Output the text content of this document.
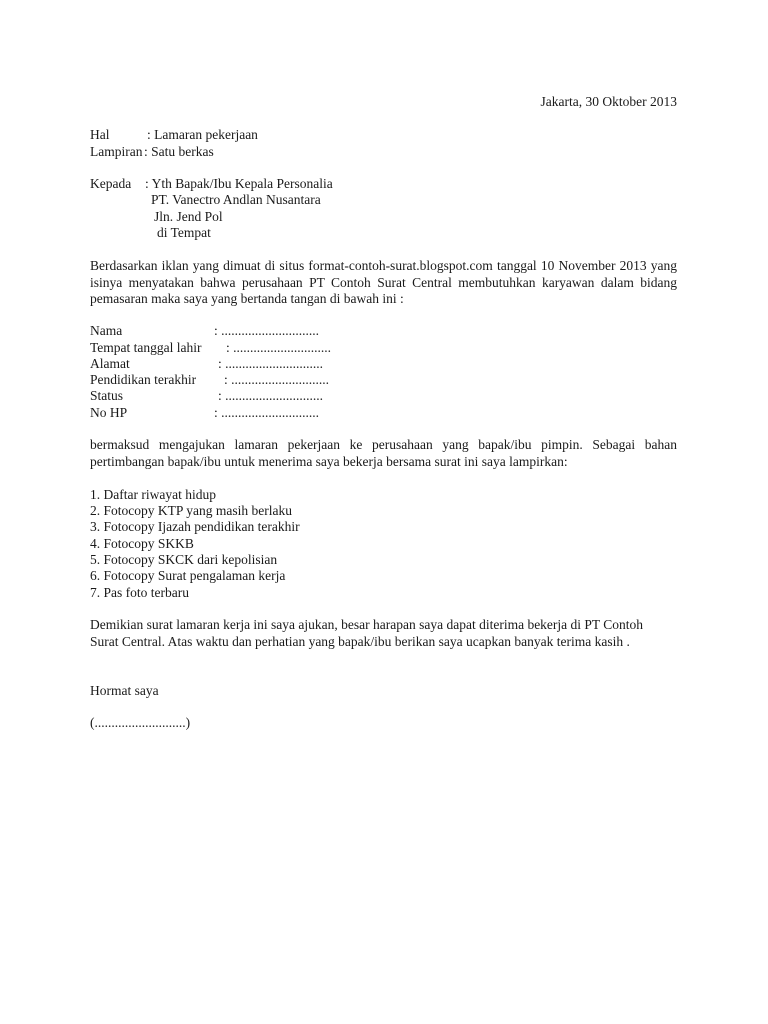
Jakarta, 30 Oktober 2013
Hal	: Lamaran pekerjaan
Lampiran : Satu berkas
Kepada : Yth Bapak/Ibu Kepala Personalia
PT. Vanectro Andlan Nusantara
Jln. Jend Pol
di Tempat
Berdasarkan iklan yang dimuat di situs format-contoh-surat.blogspot.com tanggal 10 November 2013 yang isinya menyatakan bahwa perusahaan PT Contoh Surat Central membutuhkan karyawan dalam bidang pemasaran maka saya yang bertanda tangan di bawah ini :
Nama	: .............................
Tempat tanggal lahir : .............................
Alamat	: .............................
Pendidikan terakhir : .............................
Status	: .............................
No HP	: .............................
bermaksud mengajukan lamaran pekerjaan ke perusahaan yang bapak/ibu pimpin. Sebagai bahan pertimbangan bapak/ibu untuk menerima saya bekerja bersama surat ini saya lampirkan:
1. Daftar riwayat hidup
2. Fotocopy KTP yang masih berlaku
3. Fotocopy Ijazah pendidikan terakhir
4. Fotocopy SKKB
5. Fotocopy SKCK dari kepolisian
6. Fotocopy Surat pengalaman kerja
7. Pas foto terbaru
Demikian surat lamaran kerja ini saya ajukan, besar harapan saya dapat diterima bekerja di PT Contoh
Surat Central. Atas waktu dan perhatian yang bapak/ibu berikan saya ucapkan banyak terima kasih .
Hormat saya
(...........................)
